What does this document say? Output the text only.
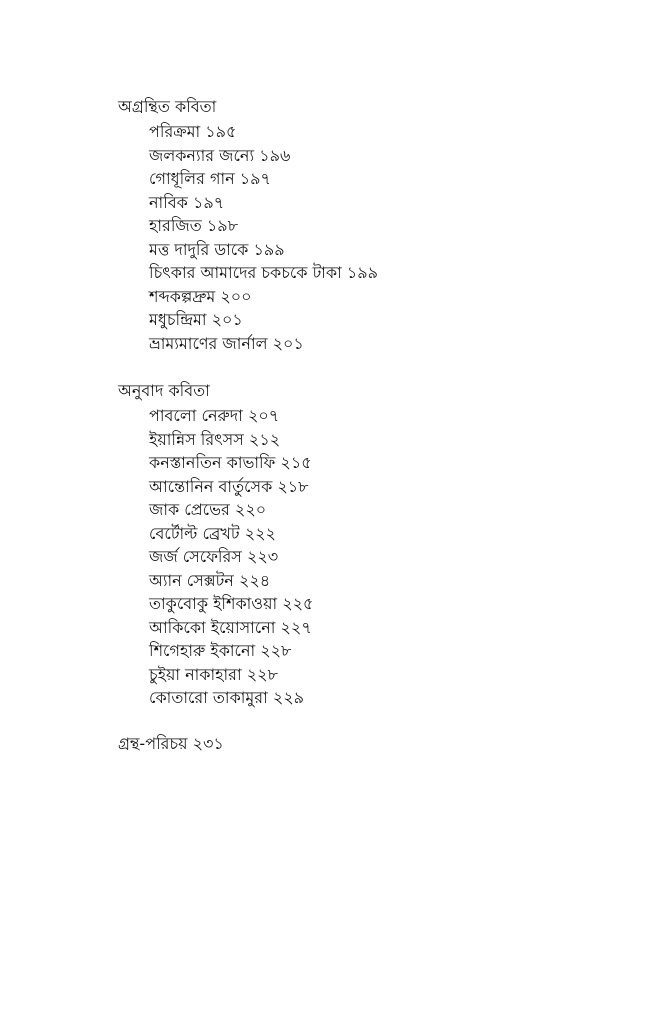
অগ্রন্থিত কবিতা
পরিক্রমা ১৯৫
জলকন্যার জন্যে ১৯৬
গোধূলির গান ১৯৭
নাবিক ১৯৭
হারজিত ১৯৮
মত্ত দাদুরি ডাকে ১৯৯
চিৎকার আমাদের চকচকে টাকা ১৯৯
শব্দকল্পদ্রুম ২০০
মধুচন্দ্রিমা ২০১
ভ্রাম্যমাণের জার্নাল ২০১
অনুবাদ কবিতা
পাবলো নেরুদা ২০৭
ইয়ান্নিস রিৎসস ২১২
কনস্তানতিন কাভাফি ২১৫
আন্তোনিন বার্তুসেক ২১৮
জাক প্রেভের ২২০
বের্টোল্ট ব্রেখট ২২২
জর্জ সেফেরিস ২২৩
অ্যান সেক্সটন ২২৪
তাকুবোকু ইশিকাওয়া ২২৫
আকিকো ইয়োসানো ২২৭
শিগেহারু ইকানো ২২৮
চুইয়া নাকাহারা ২২৮
কোতারো তাকামুরা ২২৯
গ্রন্থ-পরিচয় ২৩১
